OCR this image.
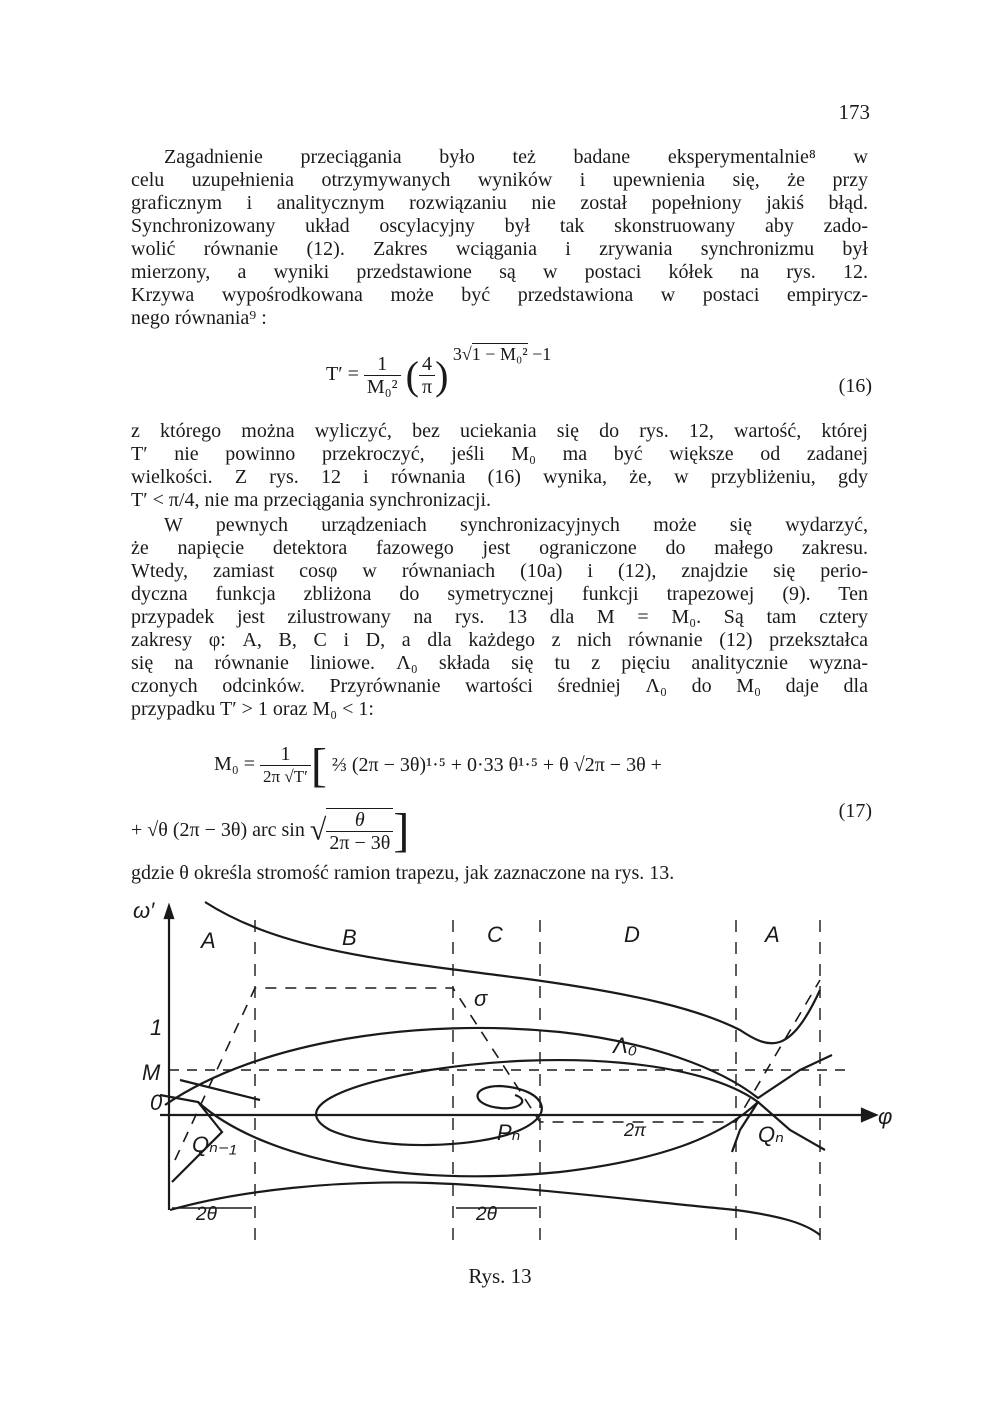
173
Zagadnienie przeciągania było też badane eksperymentalnie⁸ w
celu uzupełnienia otrzymywanych wyników i upewnienia się, że przy
graficznym i analitycznym rozwiązaniu nie został popełniony jakiś błąd.
Synchronizowany układ oscylacyjny był tak skonstruowany aby zado-
wolić równanie (12). Zakres wciągania i zrywania synchronizmu był
mierzony, a wyniki przedstawione są w postaci kółek na rys. 12.
Krzywa wypośrodkowana może być przedstawiona w postaci empirycz-
nego równania⁹ :
$T' = \frac{1}{\text{M₀²}}$ ( $\frac{4}{\pi}$ ) 3√1 − M₀² −1
(16)
z którego można wyliczyć, bez uciekania się do rys. 12, wartość, której
T′ nie powinno przekroczyć, jeśli M₀ ma być większe od zadanej
wielkości. Z rys. 12 i równania (16) wynika, że, w przybliżeniu, gdy
T′ < π/4, nie ma przeciągania synchronizacji.
W pewnych urządzeniach synchronizacyjnych może się wydarzyć,
że napięcie detektora fazowego jest ograniczone do małego zakresu.
Wtedy, zamiast cosφ w równaniach (10a) i (12), znajdzie się perio-
dyczna funkcja zbliżona do symetrycznej funkcji trapezowej (9). Ten
przypadek jest zilustrowany na rys. 13 dla M = M₀. Są tam cztery
zakresy φ: A, B, C i D, a dla każdego z nich równanie (12) przekształca
się na równanie liniowe. Λ₀ składa się tu z pięciu analitycznie wyzna-
czonych odcinków. Przyrównanie wartości średniej Λ₀ do M₀ daje dla
przypadku T′ > 1 oraz M₀ < 1:
$M_0 = \frac{1}{2\pi √T'}$ [ ⅔ (2π − 3θ)¹·⁵ + 0·33 θ¹·⁵ + θ √2π − 3θ +
+ √θ (2π − 3θ) arc sin √ $\frac{\theta}{2\pi - 3\theta}$ ]	(17)
gdzie θ określa stromość ramion trapezu, jak zaznaczone na rys. 13.
ω′
1
M
0
φ
A	B	C	D	A
σ
Λ₀
2π
Pₙ
Qₙ₋₁	Qₙ
2θ	2θ
Rys. 13
